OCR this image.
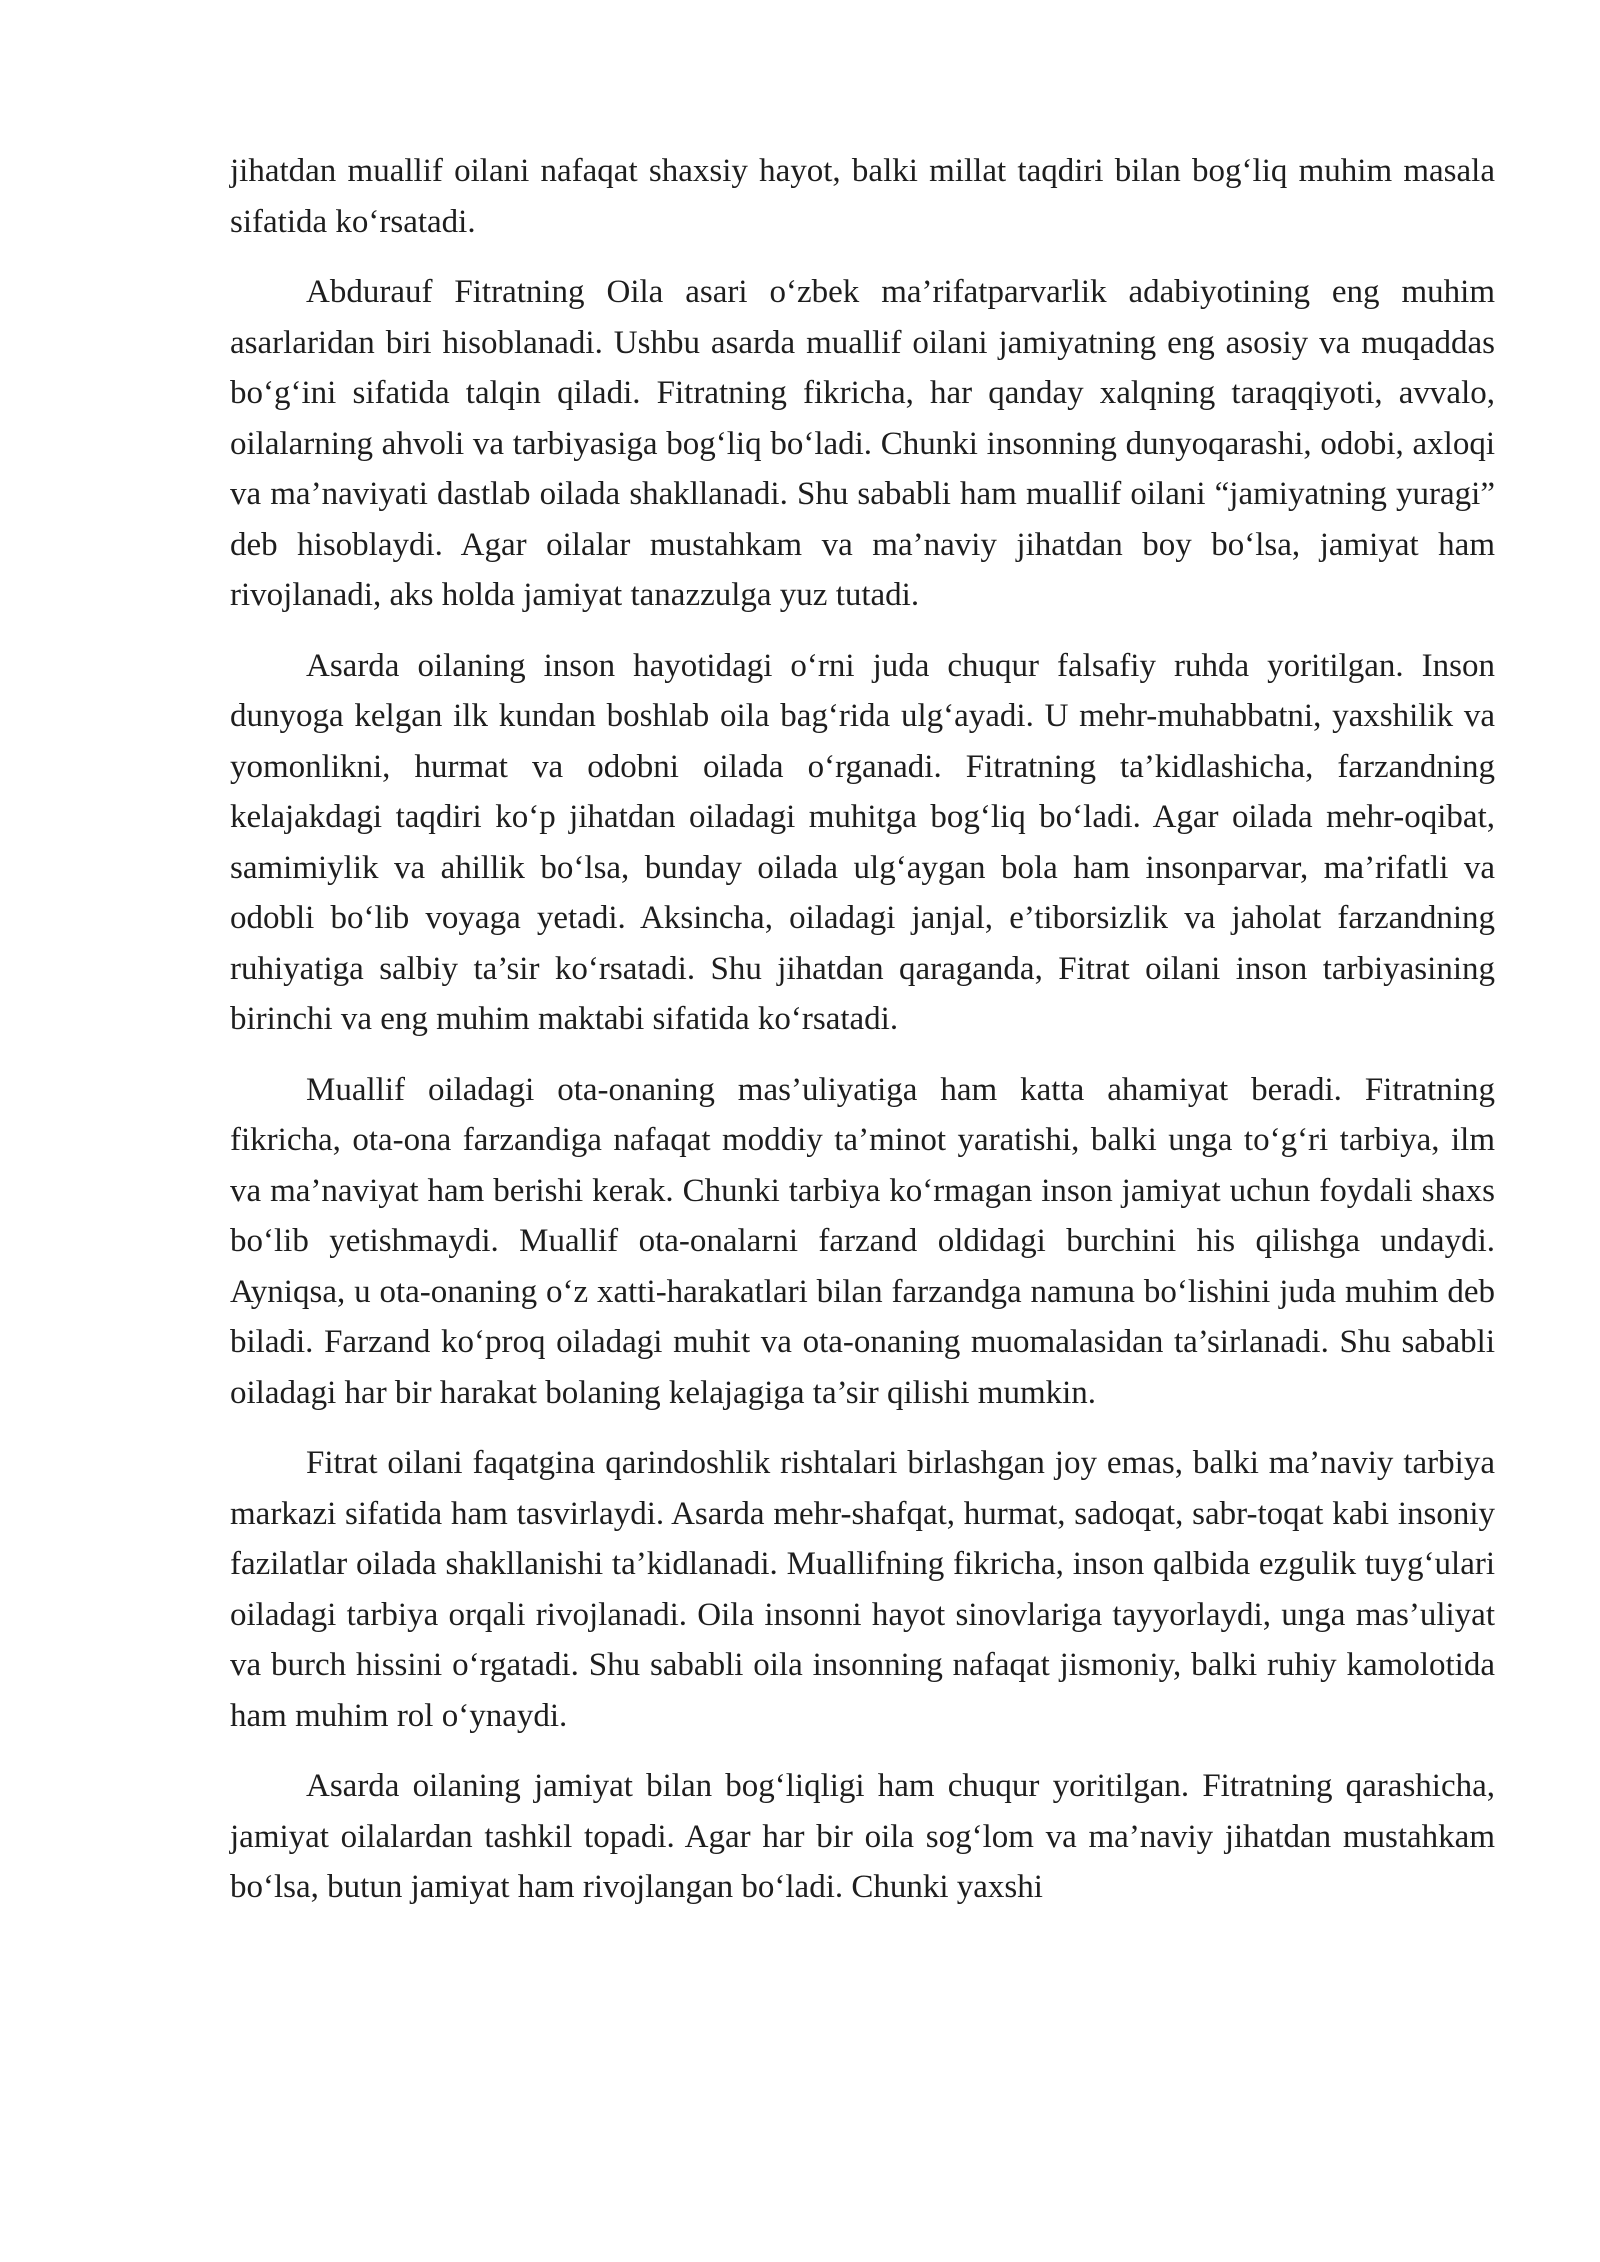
jihatdan muallif oilani nafaqat shaxsiy hayot, balki millat taqdiri bilan bog‘liq muhim masala sifatida ko‘rsatadi.

Abdurauf Fitratning Oila asari o‘zbek ma’rifatparvarlik adabiyotining eng muhim asarlaridan biri hisoblanadi. Ushbu asarda muallif oilani jamiyatning eng asosiy va muqaddas bo‘g‘ini sifatida talqin qiladi. Fitratning fikricha, har qanday xalqning taraqqiyoti, avvalo, oilalarning ahvoli va tarbiyasiga bog‘liq bo‘ladi. Chunki insonning dunyoqarashi, odobi, axloqi va ma’naviyati dastlab oilada shakllanadi. Shu sababli ham muallif oilani “jamiyatning yuragi” deb hisoblaydi. Agar oilalar mustahkam va ma’naviy jihatdan boy bo‘lsa, jamiyat ham rivojlanadi, aks holda jamiyat tanazzulga yuz tutadi.

Asarda oilaning inson hayotidagi o‘rni juda chuqur falsafiy ruhda yoritilgan. Inson dunyoga kelgan ilk kundan boshlab oila bag‘rida ulg‘ayadi. U mehr-muhabbatni, yaxshilik va yomonlikni, hurmat va odobni oilada o‘rganadi. Fitratning ta’kidlashicha, farzandning kelajakdagi taqdiri ko‘p jihatdan oiladagi muhitga bog‘liq bo‘ladi. Agar oilada mehr-oqibat, samimiylik va ahillik bo‘lsa, bunday oilada ulg‘aygan bola ham insonparvar, ma’rifatli va odobli bo‘lib voyaga yetadi. Aksincha, oiladagi janjal, e’tiborsizlik va jaholat farzandning ruhiyatiga salbiy ta’sir ko‘rsatadi. Shu jihatdan qaraganda, Fitrat oilani inson tarbiyasining birinchi va eng muhim maktabi sifatida ko‘rsatadi.

Muallif oiladagi ota-onaning mas’uliyatiga ham katta ahamiyat beradi. Fitratning fikricha, ota-ona farzandiga nafaqat moddiy ta’minot yaratishi, balki unga to‘g‘ri tarbiya, ilm va ma’naviyat ham berishi kerak. Chunki tarbiya ko‘rmagan inson jamiyat uchun foydali shaxs bo‘lib yetishmaydi. Muallif ota-onalarni farzand oldidagi burchini his qilishga undaydi. Ayniqsa, u ota-onaning o‘z xatti-harakatlari bilan farzandga namuna bo‘lishini juda muhim deb biladi. Farzand ko‘proq oiladagi muhit va ota-onaning muomalasidan ta’sirlanadi. Shu sababli oiladagi har bir harakat bolaning kelajagiga ta’sir qilishi mumkin.

Fitrat oilani faqatgina qarindoshlik rishtalari birlashgan joy emas, balki ma’naviy tarbiya markazi sifatida ham tasvirlaydi. Asarda mehr-shafqat, hurmat, sadoqat, sabr-toqat kabi insoniy fazilatlar oilada shakllanishi ta’kidlanadi. Muallifning fikricha, inson qalbida ezgulik tuyg‘ulari oiladagi tarbiya orqali rivojlanadi. Oila insonni hayot sinovlariga tayyorlaydi, unga mas’uliyat va burch hissini o‘rgatadi. Shu sababli oila insonning nafaqat jismoniy, balki ruhiy kamolotida ham muhim rol o‘ynaydi.

Asarda oilaning jamiyat bilan bog‘liqligi ham chuqur yoritilgan. Fitratning qarashicha, jamiyat oilalardan tashkil topadi. Agar har bir oila sog‘lom va ma’naviy jihatdan mustahkam bo‘lsa, butun jamiyat ham rivojlangan bo‘ladi. Chunki yaxshi
